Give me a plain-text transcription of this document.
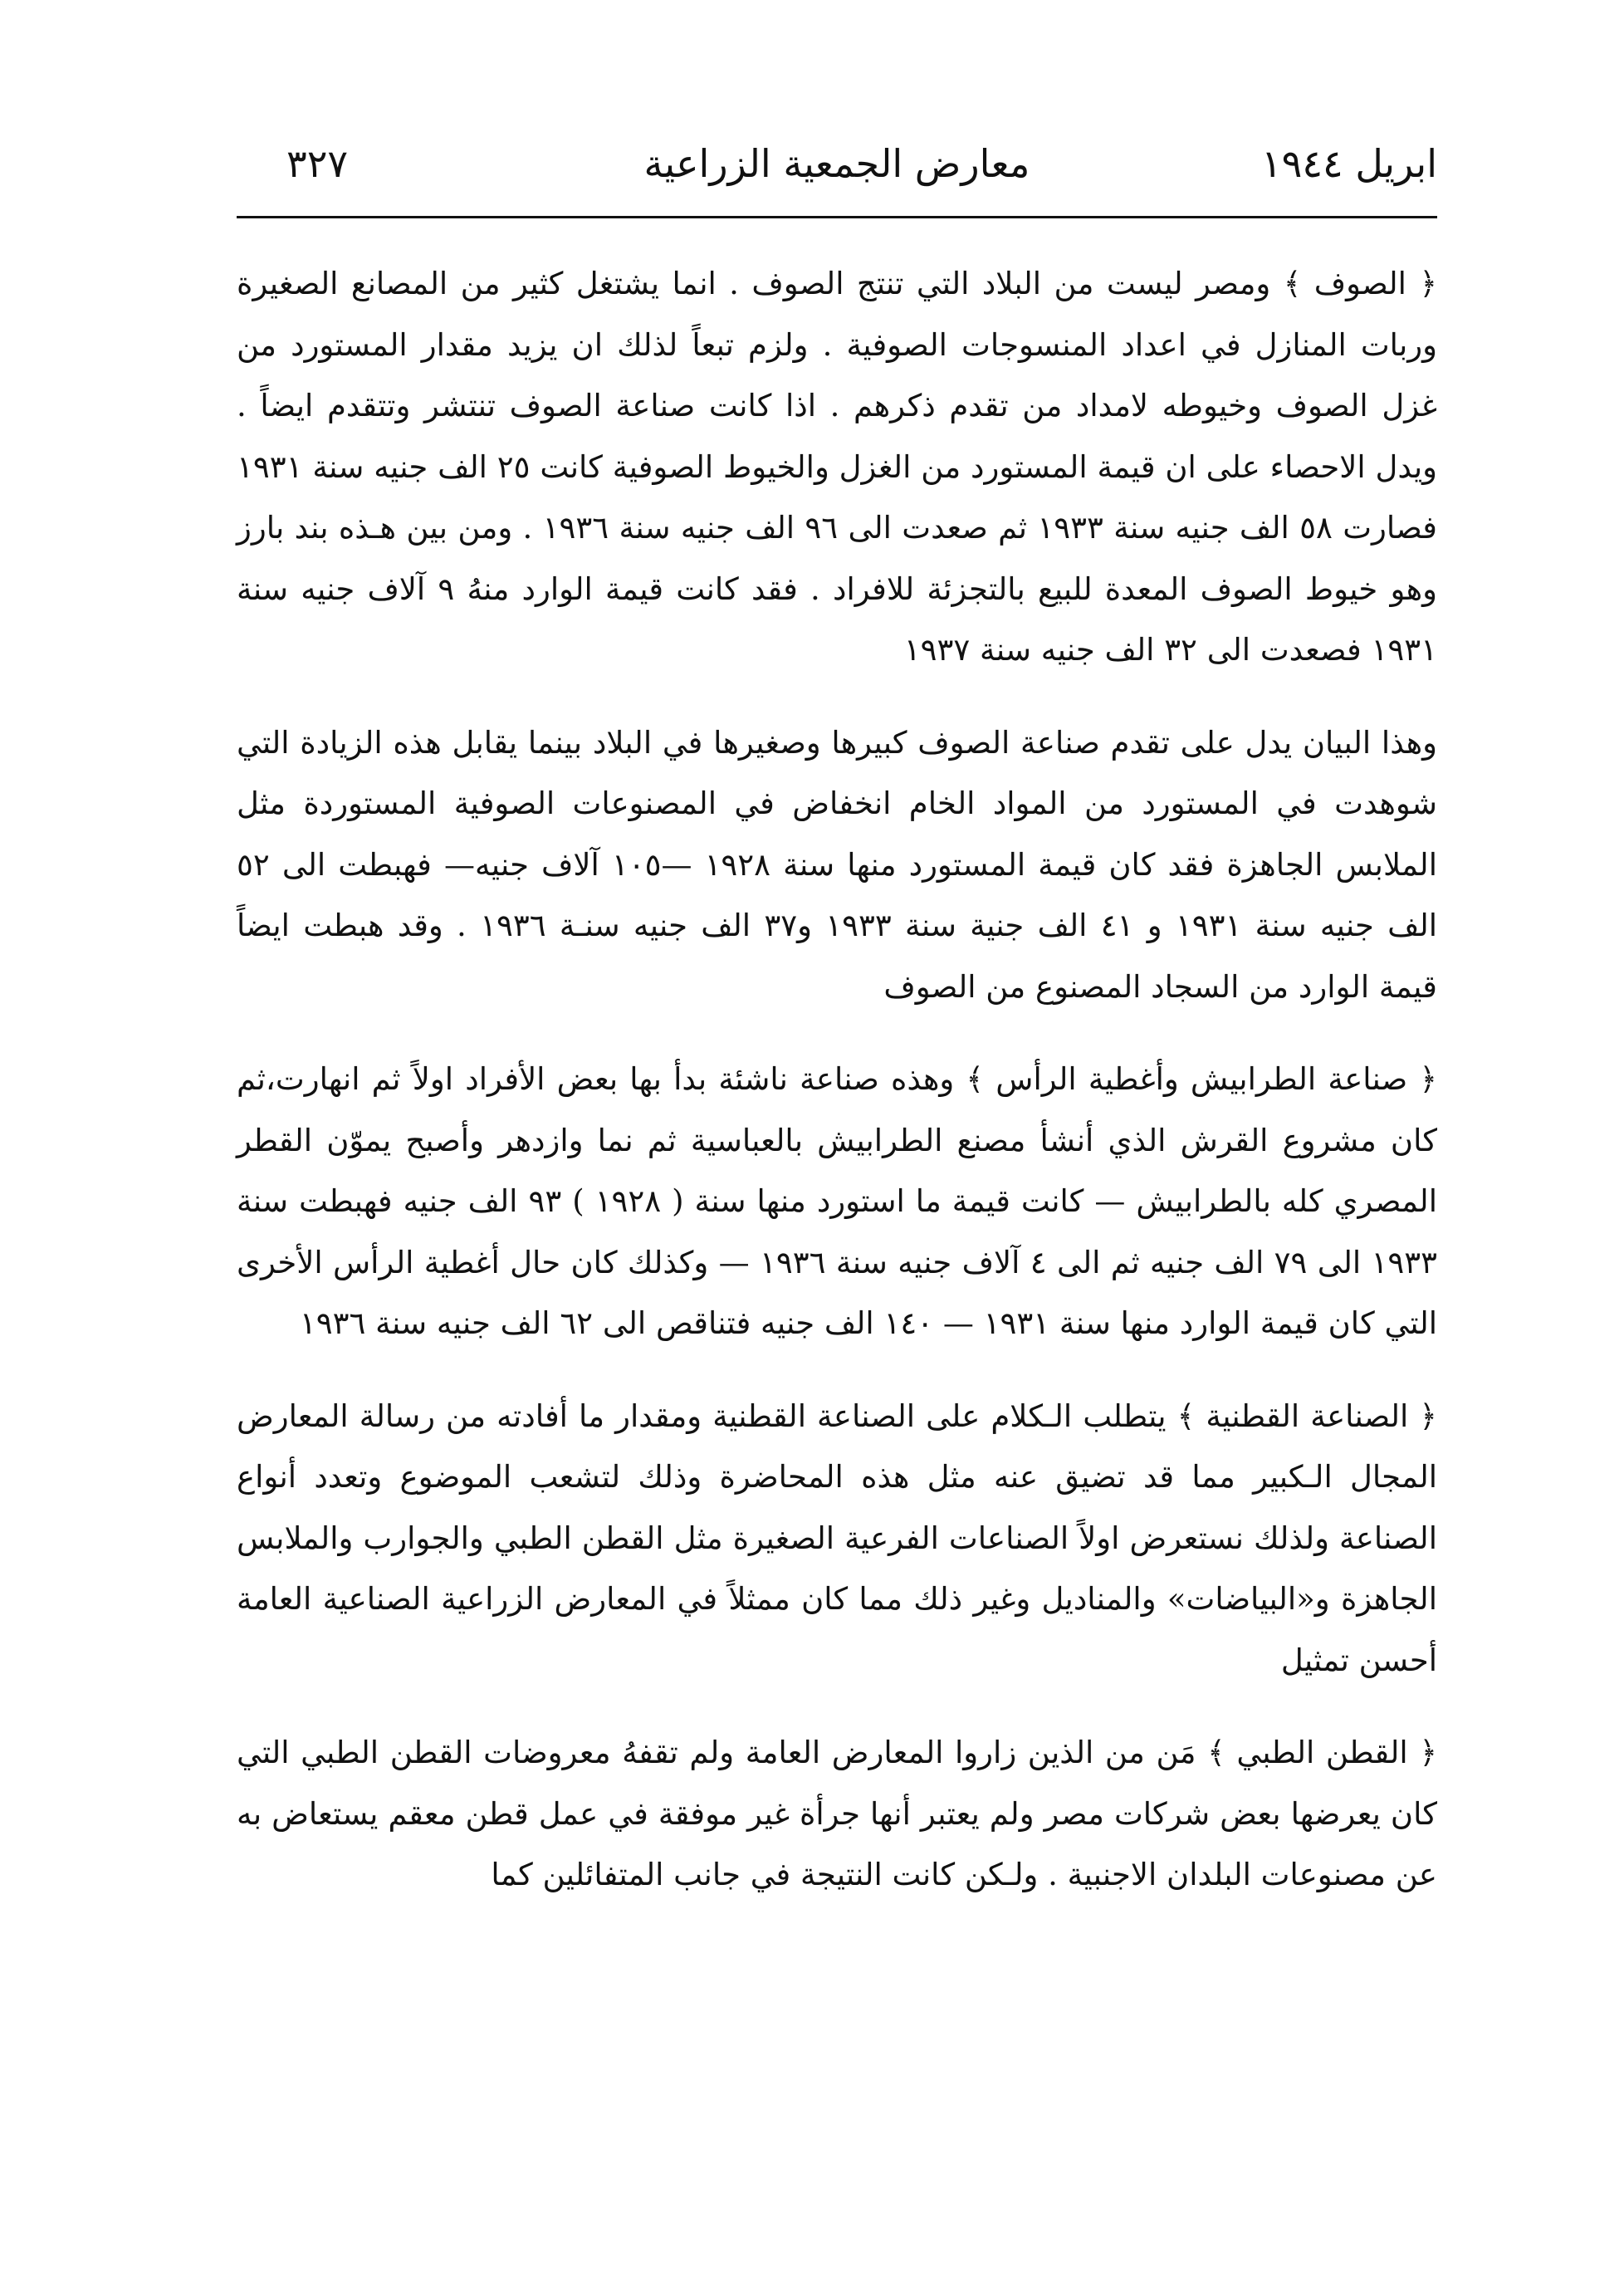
ابريل ١٩٤٤
معارض الجمعية الزراعية
٣٢٧

﴿ الصوف ﴾ ومصر ليست من البلاد التي تنتج الصوف . انما يشتغل كثير من المصانع الصغيرة وربات المنازل في اعداد المنسوجات الصوفية . ولزم تبعاً لذلك ان يزيد مقدار المستورد من غزل الصوف وخيوطه لامداد من تقدم ذكرهم . اذا كانت صناعة الصوف تنتشر وتتقدم ايضاً . ويدل الاحصاء على ان قيمة المستورد من الغزل والخيوط الصوفية كانت ٢٥ الف جنيه سنة ١٩٣١ فصارت ٥٨ الف جنيه سنة ١٩٣٣ ثم صعدت الى ٩٦ الف جنيه سنة ١٩٣٦ . ومن بين هـذه بند بارز وهو خيوط الصوف المعدة للبيع بالتجزئة للافراد . فقد كانت قيمة الوارد منهُ ٩ آلاف جنيه سنة ١٩٣١ فصعدت الى ٣٢ الف جنيه سنة ١٩٣٧

وهذا البيان يدل على تقدم صناعة الصوف كبيرها وصغيرها في البلاد بينما يقابل هذه الزيادة التي شوهدت في المستورد من المواد الخام انخفاض في المصنوعات الصوفية المستوردة مثل الملابس الجاهزة فقد كان قيمة المستورد منها سنة ١٩٢٨ —١٠٥ آلاف جنيه— فهبطت الى ٥٢ الف جنيه سنة ١٩٣١ و ٤١ الف جنية سنة ١٩٣٣ و٣٧ الف جنيه سنـة ١٩٣٦ . وقد هبطت ايضاً قيمة الوارد من السجاد المصنوع من الصوف

﴿ صناعة الطرابيش وأغطية الرأس ﴾ وهذه صناعة ناشئة بدأ بها بعض الأفراد اولاً ثم انهارت،ثم كان مشروع القرش الذي أنشأ مصنع الطرابيش بالعباسية ثم نما وازدهر وأصبح يموّن القطر المصري كله بالطرابيش — كانت قيمة ما استورد منها سنة ( ١٩٢٨ ) ٩٣ الف جنيه فهبطت سنة ١٩٣٣ الى ٧٩ الف جنيه ثم الى ٤ آلاف جنيه سنة ١٩٣٦ — وكذلك كان حال أغطية الرأس الأخرى التي كان قيمة الوارد منها سنة ١٩٣١ — ١٤٠ الف جنيه فتناقص الى ٦٢ الف جنيه سنة ١٩٣٦

﴿ الصناعة القطنية ﴾ يتطلب الـكلام على الصناعة القطنية ومقدار ما أفادته من رسالة المعارض المجال الـكبير مما قد تضيق عنه مثل هذه المحاضرة وذلك لتشعب الموضوع وتعدد أنواع الصناعة ولذلك نستعرض اولاً الصناعات الفرعية الصغيرة مثل القطن الطبي والجوارب والملابس الجاهزة و«البياضات» والمناديل وغير ذلك مما كان ممثلاً في المعارض الزراعية الصناعية العامة أحسن تمثيل

﴿ القطن الطبي ﴾ مَن من الذين زاروا المعارض العامة ولم تقفهُ معروضات القطن الطبي التي كان يعرضها بعض شركات مصر ولم يعتبر أنها جرأة غير موفقة في عمل قطن معقم يستعاض به عن مصنوعات البلدان الاجنبية . ولـكن كانت النتيجة في جانب المتفائلين كما
